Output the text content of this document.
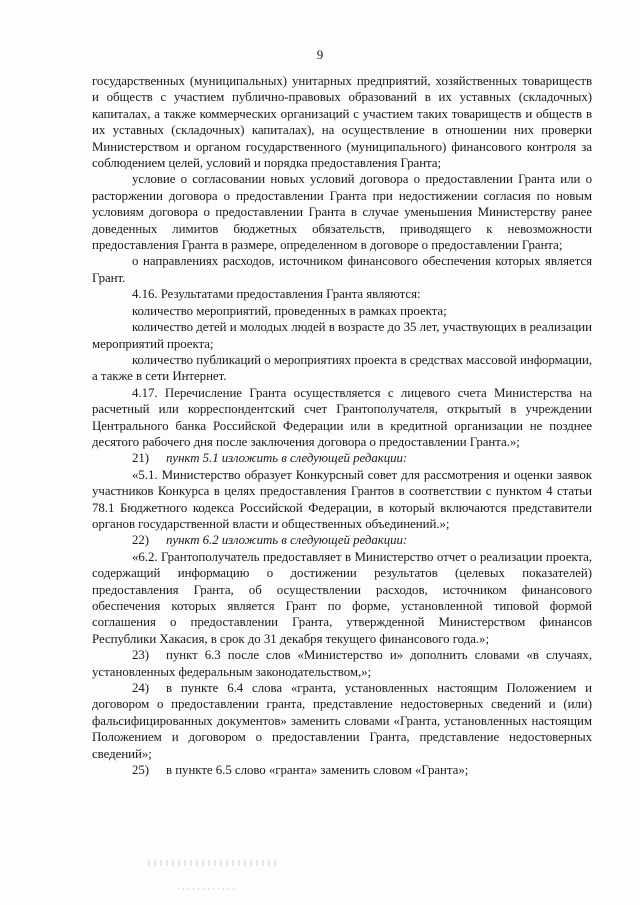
9

государственных (муниципальных) унитарных предприятий, хозяйственных товариществ и обществ с участием публично-правовых образований в их уставных (складочных) капиталах, а также коммерческих организаций с участием таких товариществ и обществ в их уставных (складочных) капиталах), на осуществление в отношении них проверки Министерством и органом государственного (муниципального) финансового контроля за соблюдением целей, условий и порядка предоставления Гранта;

условие о согласовании новых условий договора о предоставлении Гранта или о расторжении договора о предоставлении Гранта при недостижении согласия по новым условиям договора о предоставлении Гранта в случае уменьшения Министерству ранее доведенных лимитов бюджетных обязательств, приводящего к невозможности предоставления Гранта в размере, определенном в договоре о предоставлении Гранта;

о направлениях расходов, источником финансового обеспечения которых является Грант.

4.16. Результатами предоставления Гранта являются:

количество мероприятий, проведенных в рамках проекта;

количество детей и молодых людей в возрасте до 35 лет, участвующих в реализации мероприятий проекта;

количество публикаций о мероприятиях проекта в средствах массовой информации, а также в сети Интернет.

4.17. Перечисление Гранта осуществляется с лицевого счета Министерства на расчетный или корреспондентский счет Грантополучателя, открытый в учреждении Центрального банка Российской Федерации или в кредитной организации не позднее десятого рабочего дня после заключения договора о предоставлении Гранта.»;

21) пункт 5.1 изложить в следующей редакции:

«5.1. Министерство образует Конкурсный совет для рассмотрения и оценки заявок участников Конкурса в целях предоставления Грантов в соответствии с пунктом 4 статьи 78.1 Бюджетного кодекса Российской Федерации, в который включаются представители органов государственной власти и общественных объединений.»;

22) пункт 6.2 изложить в следующей редакции:

«6.2. Грантополучатель предоставляет в Министерство отчет о реализации проекта, содержащий информацию о достижении результатов (целевых показателей) предоставления Гранта, об осуществлении расходов, источником финансового обеспечения которых является Грант по форме, установленной типовой формой соглашения о предоставлении Гранта, утвержденной Министерством финансов Республики Хакасия, в срок до 31 декабря текущего финансового года.»;

23) пункт 6.3 после слов «Министерство и» дополнить словами «в случаях, установленных федеральным законодательством,»;

24) в пункте 6.4 слова «гранта, установленных настоящим Положением и договором о предоставлении гранта, представление недостоверных сведений и (или) фальсифицированных документов» заменить словами «Гранта, установленных настоящим Положением и договором о предоставлении Гранта, представление недостоверных сведений»;

25) в пункте 6.5 слово «гранта» заменить словом «Гранта»;
